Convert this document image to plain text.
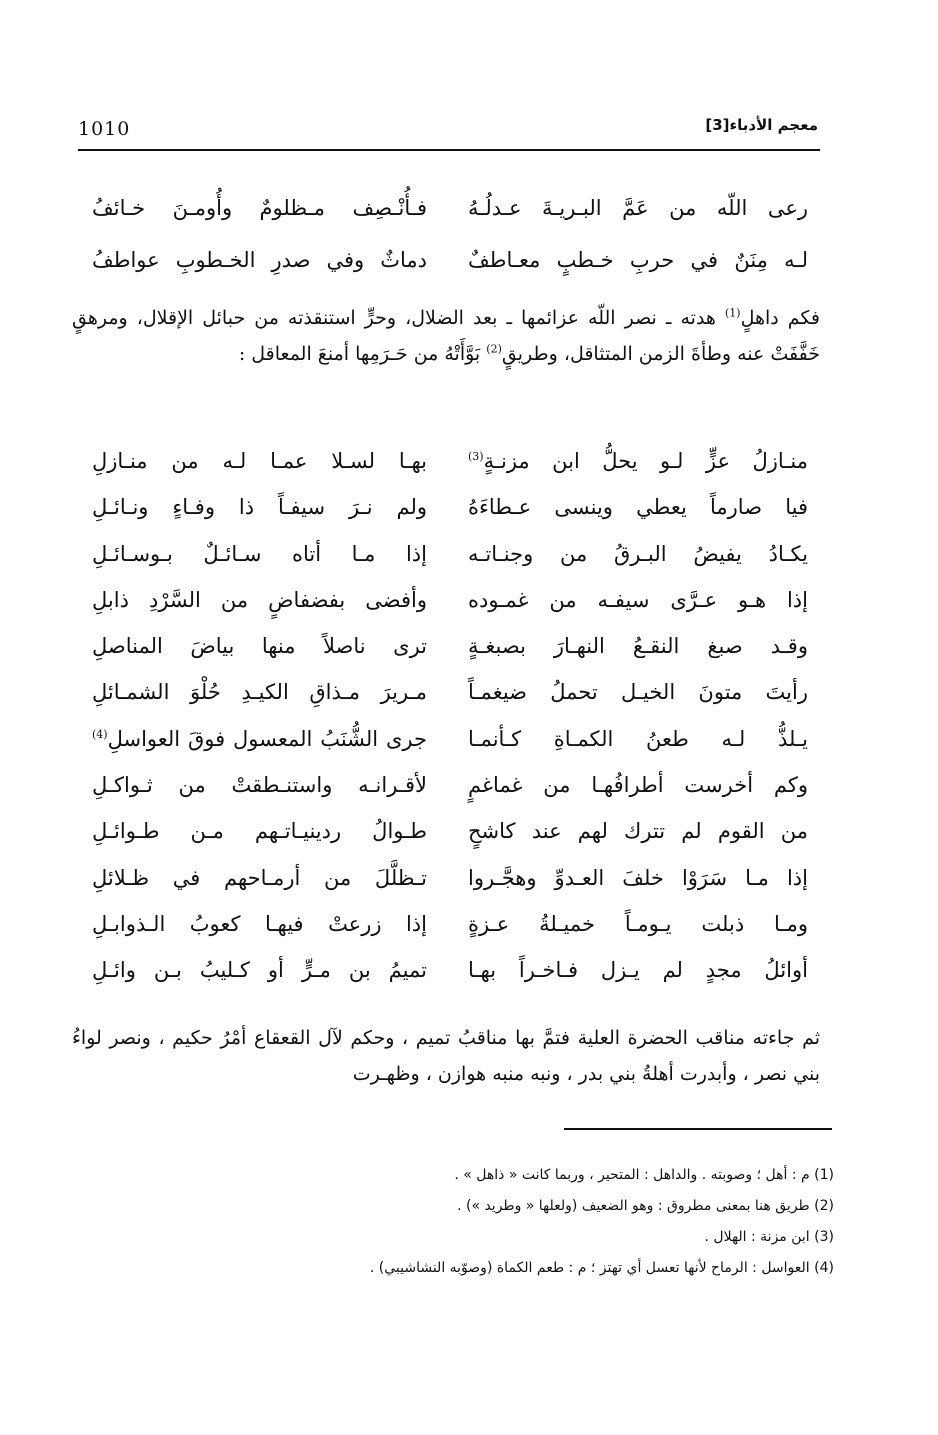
1010	معجم الأدباء[3]
رعى اللّه من عَمَّ البـريـةَ عـدلُـهُ
فـأُنْـصِف مـظلومٌ وأُومـنَ خـائفُ
لـه مِنَنٌ في حربِ خـطبٍ معـاطفٌ
دماثٌ وفي صدرِ الخـطوبِ عواطفُ
فكم داهلٍ$^{(1)}$ هدته ـ نصر اللّه عزائمها ـ بعد الضلال، وحرٍّ استنقذته من حبائل الإقلال، ومرهقٍ خَفَّفَتْ عنه وطأةَ الزمن المتثاقل، وطريقٍ$^{(2)}$ بَوَّأَتْهُ من حَـرَمِها أمنعَ المعاقل :
منـازلُ عزٍّ لـو يحلُّ ابن مزنـةٍ$^{(3)}$
بهـا لسـلا عمـا لـه من منـازلِ
فيا صارماً يعطي وينسى عـطاءَهُ
ولم نـرَ سيفـاً ذا وفـاءٍ ونـائـلِ
يكـادُ يفيضُ البـرقُ من وجنـاتـه
إذا مـا أتاه سـائـلٌ بـوسـائـلِ
إذا هـو عـرَّى سيفـه من غمـوده
وأفضى بفضفاضٍ من السَّرْدِ ذابلِ
وقـد صبغ النقـعُ النهـارَ بصبغـةٍ
ترى ناصلاً منها بياضَ المناصلِ
رأيتَ متونَ الخيـل تحملُ ضيغمـاً
مـريرَ مـذاقِ الكيـدِ حُلْوَ الشمـائلِ
يـلذُّ لـه طعنُ الكمـاةِ كـأنمـا
جرى الشُّنَبُ المعسول فوقَ العواسلِ$^{(4)}$
وكم أخرست أطرافُهـا من غماغمٍ
لأقـرانـه واستنـطقتْ من ثـواكـلِ
من القوم لم تترك لهم عند كاشحٍ
طـوالُ ردينيـاتـهم مـن طـوائـلِ
إذا مـا سَرَوْا خلفَ العـدوِّ وهجَّـروا
تـظلَّلَ من أرمـاحهم في ظـلائلِ
ومـا ذبلت يـومـاً خميـلةُ عـزةٍ
إذا زرعتْ فيهـا كعوبُ الـذوابـلِ
أوائلُ مجدٍ لم يـزل فـاخـراً بهـا
تميمُ بن مـرٍّ أو كـليبُ بـن وائـلِ
ثم جاءته مناقب الحضرة العلية فتمَّ بها مناقبُ تميم ، وحكم لآل القعقاع أمْرُ حكيم ، ونصر لواءُ بني نصر ، وأبدرت أهلةُ بني بدر ، ونبه منبه هوازن ، وظهـرت
(1) م : أهل ؛ وصوبته . والداهل : المتحير ، وربما كانت « ذاهل » .
(2) طريق هنا بمعنى مطروق : وهو الضعيف (ولعلها « وطريد ») .
(3) ابن مزنة : الهلال .
(4) العواسل : الرماح لأنها تعسل أي تهتز ؛ م : طعم الكماة (وصوّبه النشاشيبي) .
